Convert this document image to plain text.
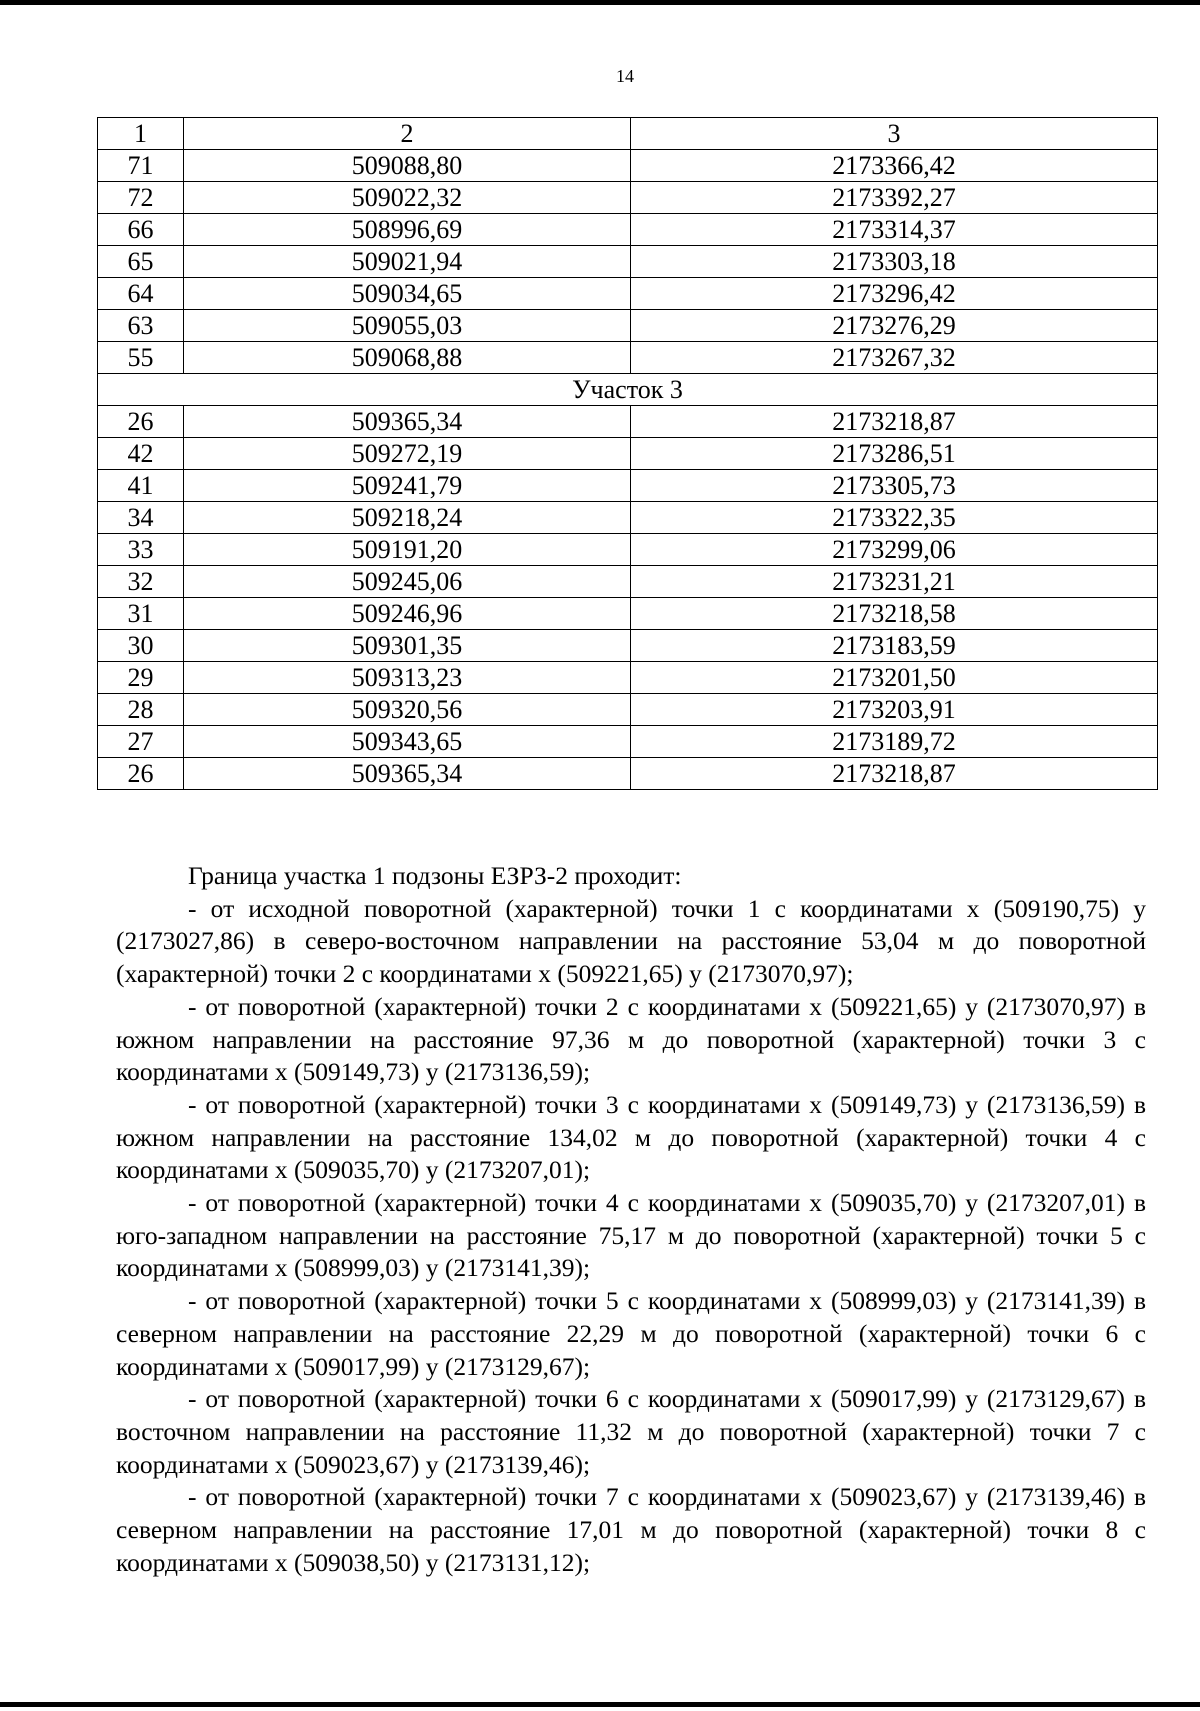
14
1	2	3
71	509088,80	2173366,42
72	509022,32	2173392,27
66	508996,69	2173314,37
65	509021,94	2173303,18
64	509034,65	2173296,42
63	509055,03	2173276,29
55	509068,88	2173267,32
Участок 3		
26	509365,34	2173218,87
42	509272,19	2173286,51
41	509241,79	2173305,73
34	509218,24	2173322,35
33	509191,20	2173299,06
32	509245,06	2173231,21
31	509246,96	2173218,58
30	509301,35	2173183,59
29	509313,23	2173201,50
28	509320,56	2173203,91
27	509343,65	2173189,72
26	509365,34	2173218,87

Граница участка 1 подзоны ЕЗРЗ-2 проходит:

- от исходной поворотной (характерной) точки 1 с координатами x (509190,75) y (2173027,86) в северо-восточном направлении на расстояние 53,04 м до поворотной (характерной) точки 2 с координатами x (509221,65) y (2173070,97);

- от поворотной (характерной) точки 2 с координатами x (509221,65) y (2173070,97) в южном направлении на расстояние 97,36 м до поворотной (характерной) точки 3 с координатами x (509149,73) y (2173136,59);

- от поворотной (характерной) точки 3 с координатами x (509149,73) y (2173136,59) в южном направлении на расстояние 134,02 м до поворотной (характерной) точки 4 с координатами x (509035,70) y (2173207,01);

- от поворотной (характерной) точки 4 с координатами x (509035,70) y (2173207,01) в юго-западном направлении на расстояние 75,17 м до поворотной (характерной) точки 5 с координатами x (508999,03) y (2173141,39);

- от поворотной (характерной) точки 5 с координатами x (508999,03) y (2173141,39) в северном направлении на расстояние 22,29 м до поворотной (характерной) точки 6 с координатами x (509017,99) y (2173129,67);

- от поворотной (характерной) точки 6 с координатами x (509017,99) y (2173129,67) в восточном направлении на расстояние 11,32 м до поворотной (характерной) точки 7 с координатами x (509023,67) y (2173139,46);

- от поворотной (характерной) точки 7 с координатами x (509023,67) y (2173139,46) в северном направлении на расстояние 17,01 м до поворотной (характерной) точки 8 с координатами x (509038,50) y (2173131,12);
